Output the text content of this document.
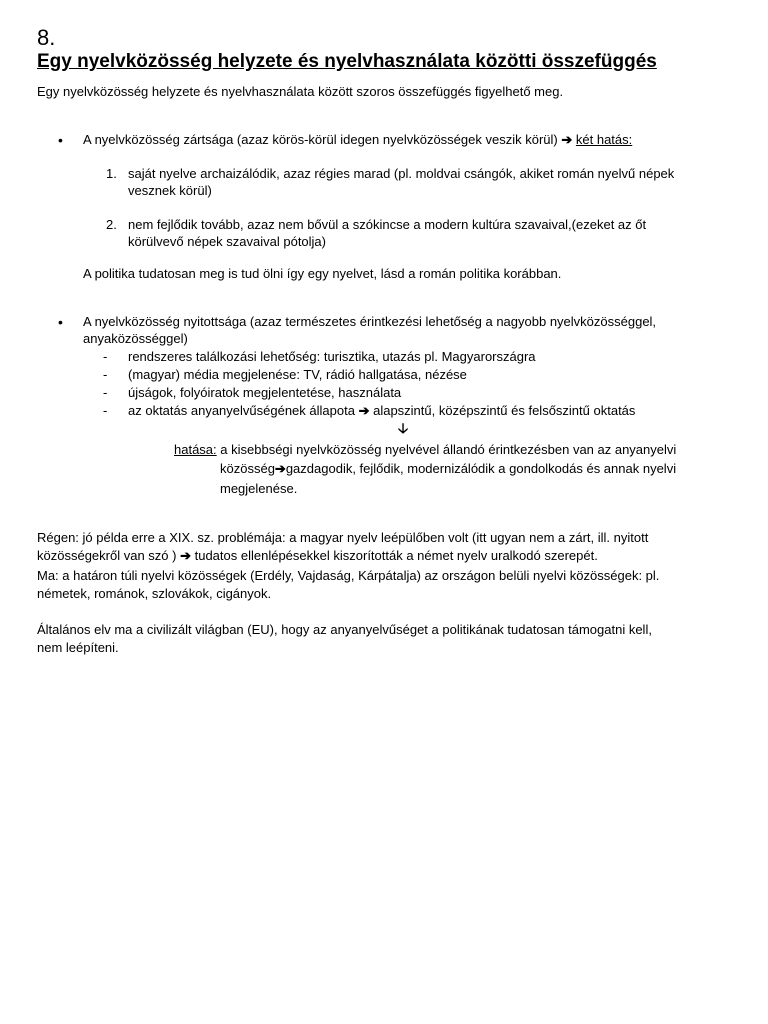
8.
Egy nyelvközösség helyzete és nyelvhasználata közötti összefüggés
Egy nyelvközösség helyzete és nyelvhasználata között szoros összefüggés figyelhető meg.
• A nyelvközösség zártsága (azaz körös-körül idegen nyelvközösségek veszik körül) ➔ két hatás:
1. saját nyelve archaizálódik, azaz régies marad (pl. moldvai csángók, akiket román nyelvű népek
vesznek körül)
2. nem fejlődik tovább, azaz nem bővül a szókincse a modern kultúra szavaival,(ezeket az őt
körülvevő népek szavaival pótolja)
A politika tudatosan meg is tud ölni így egy nyelvet, lásd a román politika korábban.
• A nyelvközösség nyitottsága (azaz természetes érintkezési lehetőség a nagyobb nyelvközösséggel,
anyaközösséggel)
- rendszeres találkozási lehetőség: turisztika, utazás pl. Magyarországra
- (magyar) média megjelenése: TV, rádió hallgatása, nézése
- újságok, folyóiratok megjelentetése, használata
- az oktatás anyanyelvűségének állapota ➔ alapszintű, középszintű és felsőszintű oktatás
🡣
hatása: a kisebbségi nyelvközösség nyelvével állandó érintkezésben van az anyanyelvi
közösség➔gazdagodik, fejlődik, modernizálódik a gondolkodás és annak nyelvi
megjelenése.
Régen: jó példa erre a XIX. sz. problémája: a magyar nyelv leépülőben volt (itt ugyan nem a zárt, ill. nyitott
közösségekről van szó ) ➔ tudatos ellenlépésekkel kiszorították a német nyelv uralkodó szerepét.
Ma: a határon túli nyelvi közösségek (Erdély, Vajdaság, Kárpátalja) az országon belüli nyelvi közösségek: pl.
németek, románok, szlovákok, cigányok.
Általános elv ma a civilizált világban (EU), hogy az anyanyelvűséget a politikának tudatosan támogatni kell,
nem leépíteni.
